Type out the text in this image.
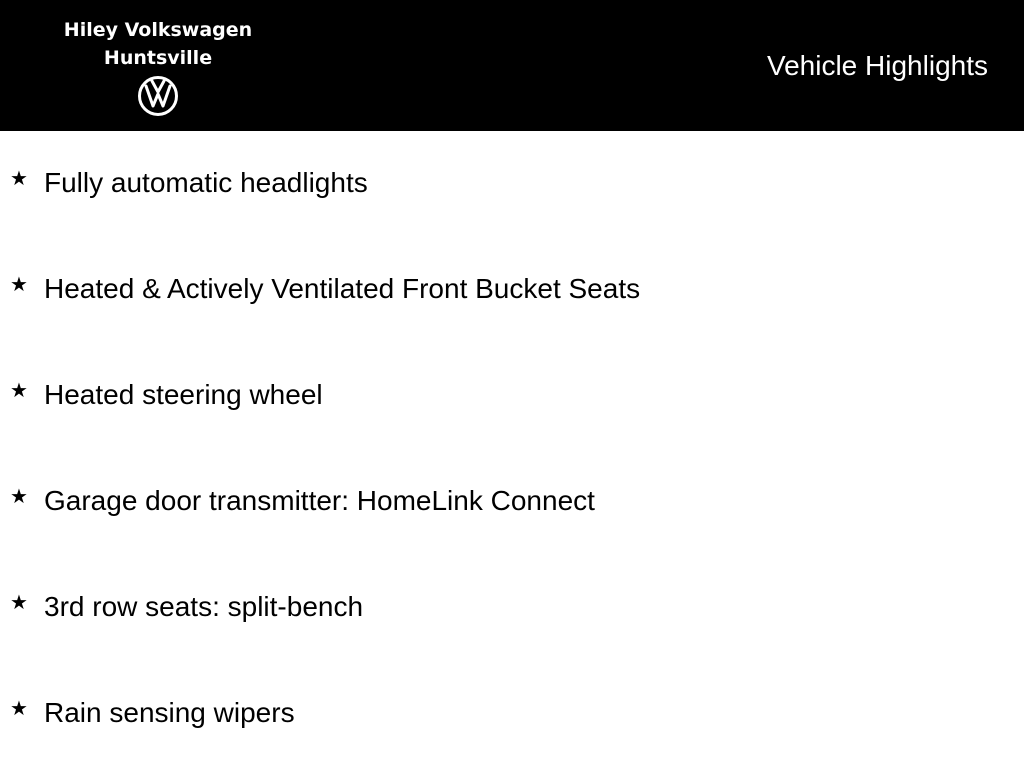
Hiley Volkswagen
Huntsville	Vehicle Highlights
★ Fully automatic headlights
★ Heated & Actively Ventilated Front Bucket Seats
★ Heated steering wheel
★ Garage door transmitter: HomeLink Connect
★ 3rd row seats: split-bench
★ Rain sensing wipers
